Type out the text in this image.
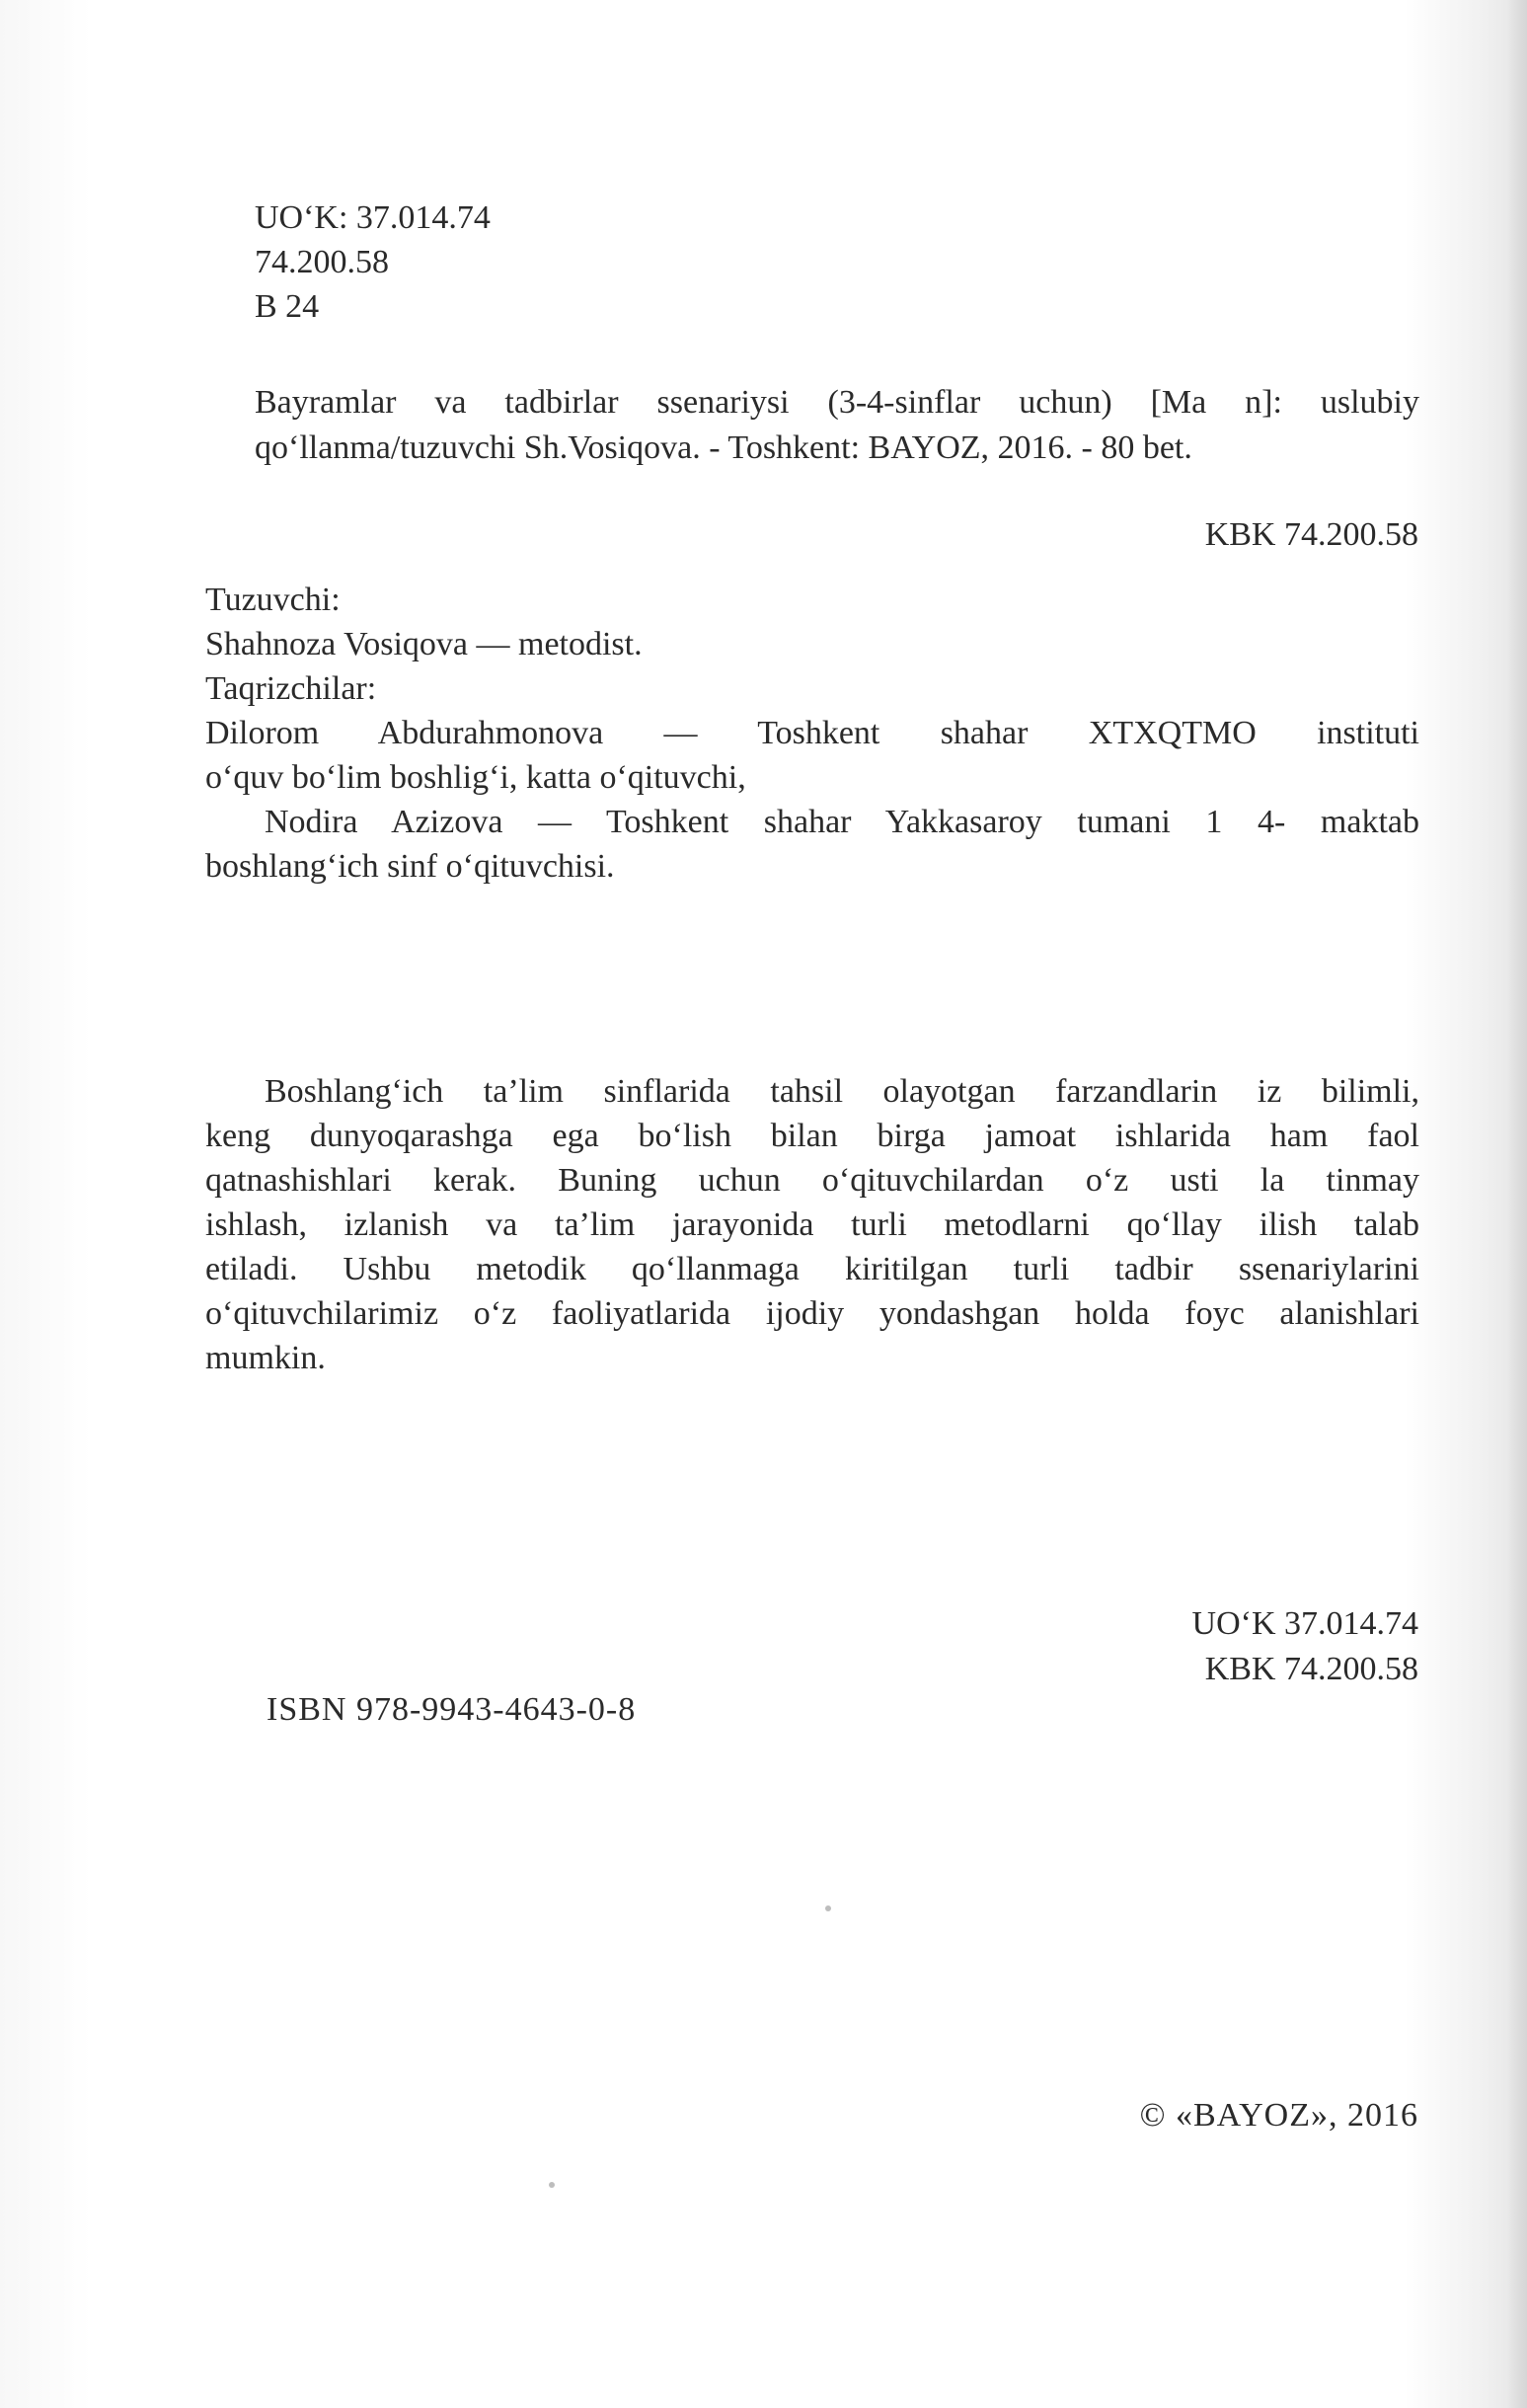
UO‘K: 37.014.74
74.200.58
B 24
Bayramlar va tadbirlar ssenariysi (3-4-sinflar uchun) [Ma n]: uslubiy
qo‘llanma/tuzuvchi Sh.Vosiqova. - Toshkent: BAYOZ, 2016. - 80 bet.
KBK 74.200.58
Tuzuvchi:
Shahnoza Vosiqova — metodist.
Taqrizchilar:
Dilorom Abdurahmonova — Toshkent shahar XTXQTMO instituti
o‘quv bo‘lim boshlig‘i, katta o‘qituvchi,
Nodira Azizova — Toshkent shahar Yakkasaroy tumani 1 4- maktab
boshlang‘ich sinf o‘qituvchisi.
Boshlang‘ich ta’lim sinflarida tahsil olayotgan farzandlarin iz bilimli,
keng dunyoqarashga ega bo‘lish bilan birga jamoat ishlarida ham faol
qatnashishlari kerak. Buning uchun o‘qituvchilardan o‘z usti la tinmay
ishlash, izlanish va ta’lim jarayonida turli metodlarni qo‘llay ilish talab
etiladi. Ushbu metodik qo‘llanmaga kiritilgan turli tadbir ssenariylarini
o‘qituvchilarimiz o‘z faoliyatlarida ijodiy yondashgan holda foyc alanishlari
mumkin.
UO‘K 37.014.74
KBK 74.200.58
ISBN 978-9943-4643-0-8
© «BAYOZ», 2016
